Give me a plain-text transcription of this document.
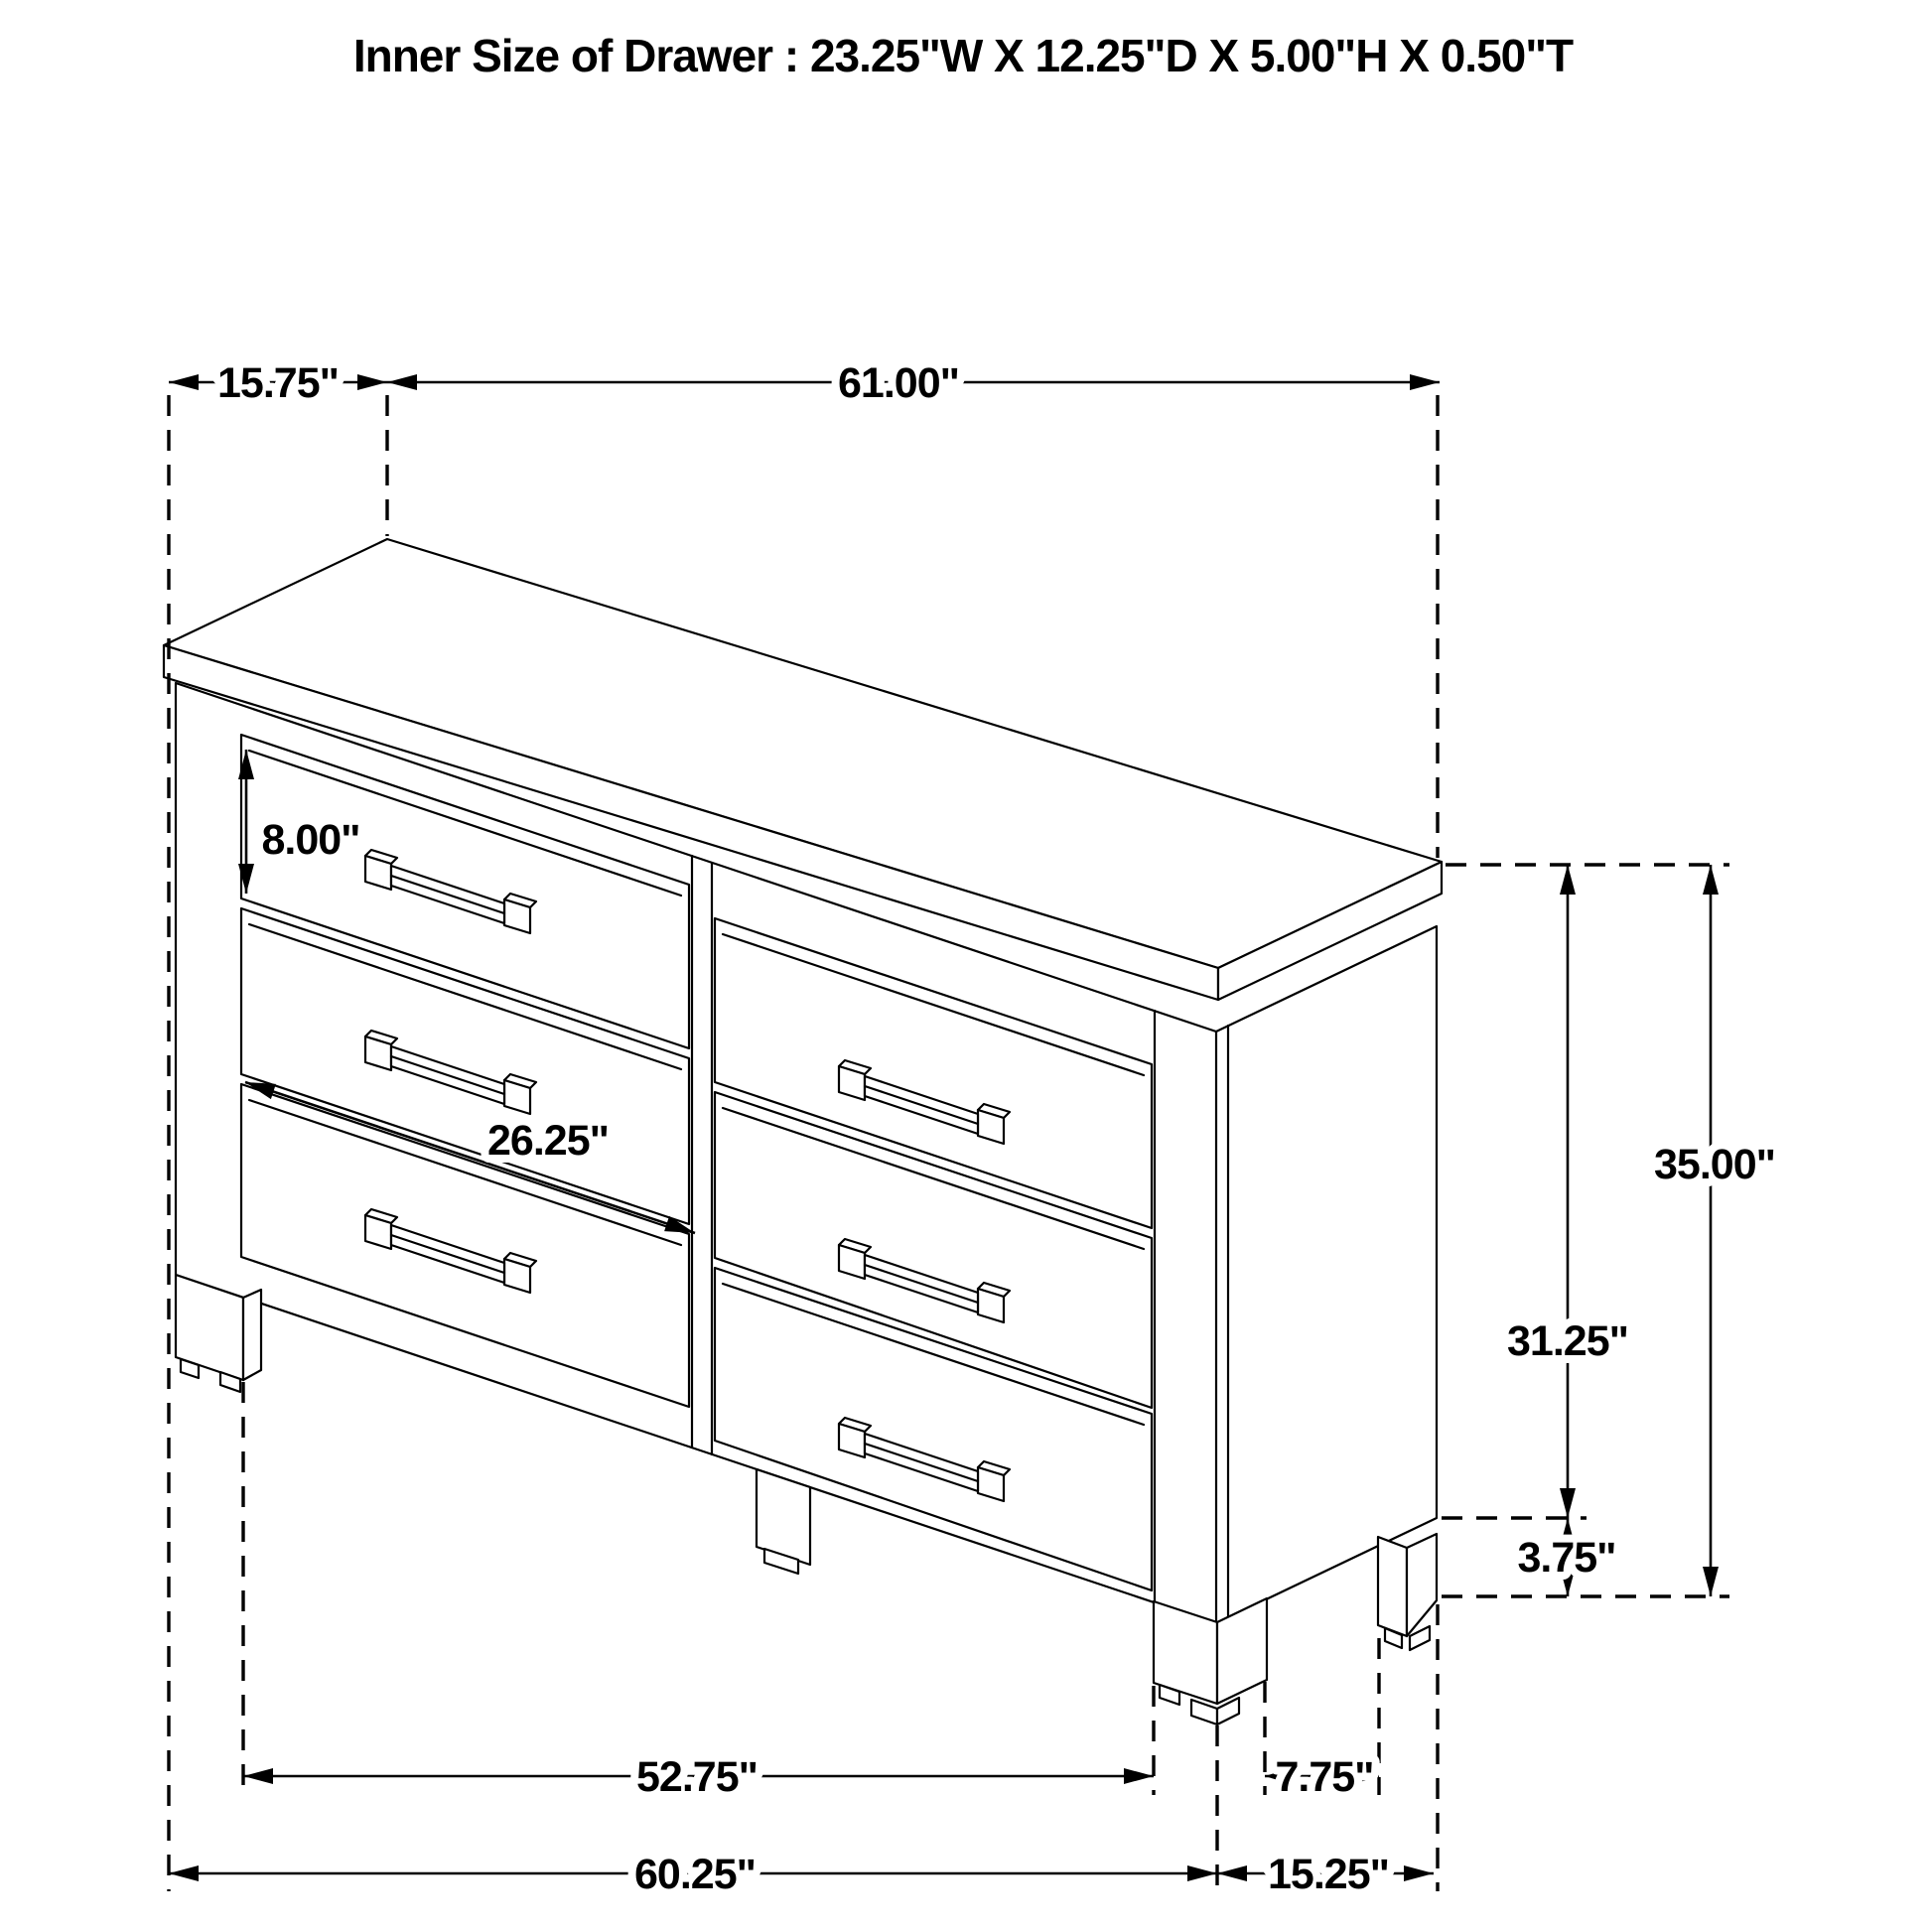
Inner Size of Drawer : 23.25"W X 12.25"D X 5.00"H X 0.50"T
15.75"	61.00"
8.00"
26.25"	35.00"
31.25"
3.75"
52.75"	7.75"
60.25"	15.25"
